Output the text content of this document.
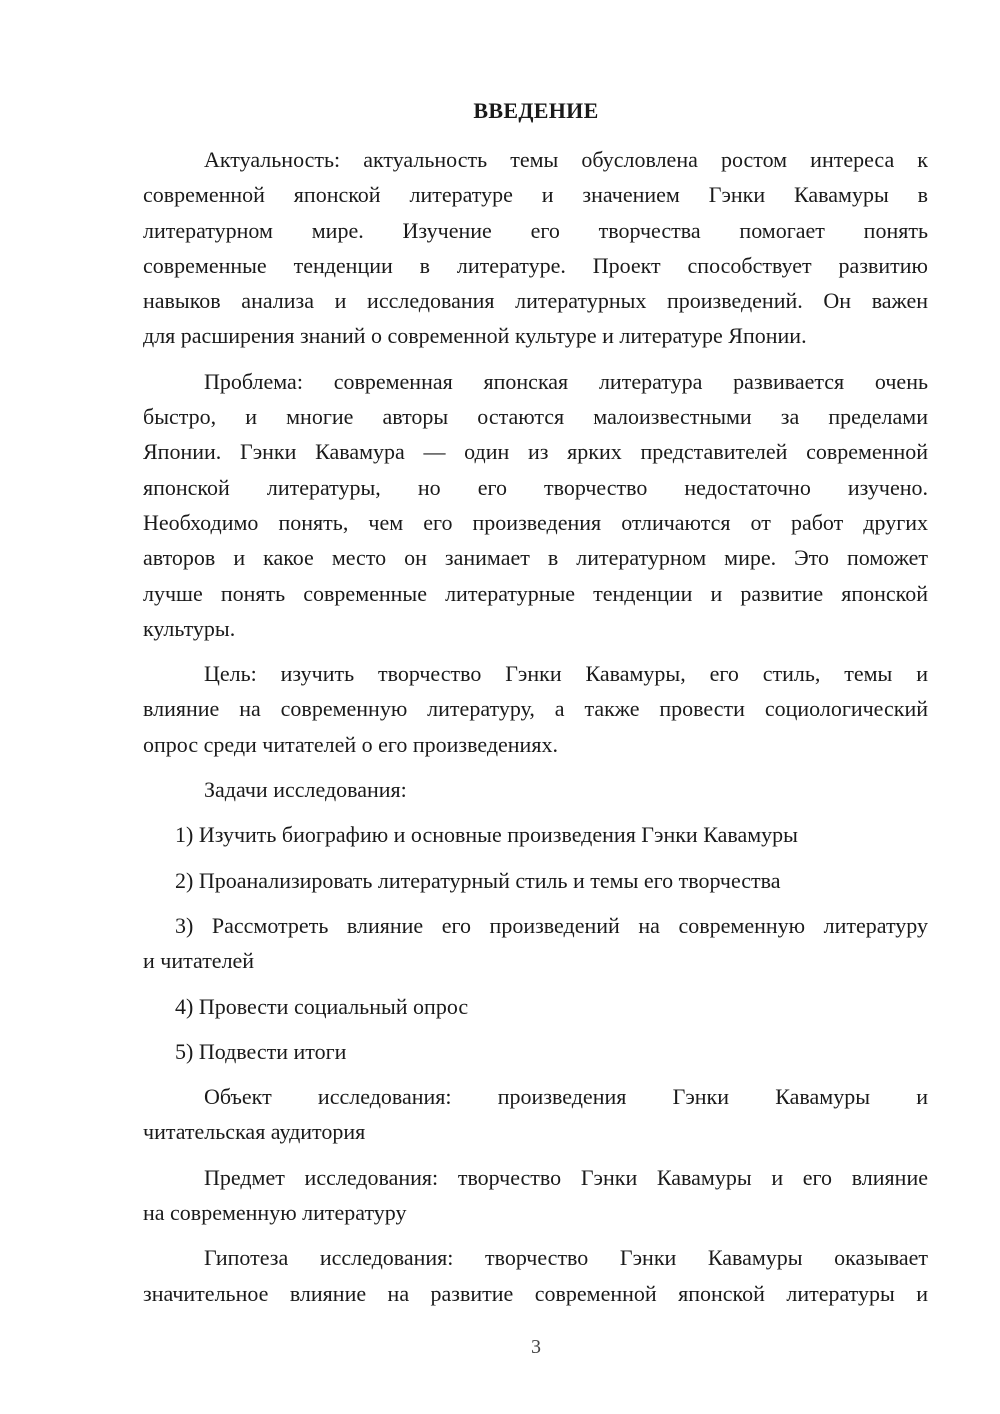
ВВЕДЕНИЕ
Актуальность: актуальность темы обусловлена ростом интереса к
современной японской литературе и значением Гэнки Кавамуры в
литературном мире. Изучение его творчества помогает понять
современные тенденции в литературе. Проект способствует развитию
навыков анализа и исследования литературных произведений. Он важен
для расширения знаний о современной культуре и литературе Японии.
Проблема: современная японская литература развивается очень
быстро, и многие авторы остаются малоизвестными за пределами
Японии. Гэнки Кавамура — один из ярких представителей современной
японской литературы, но его творчество недостаточно изучено.
Необходимо понять, чем его произведения отличаются от работ других
авторов и какое место он занимает в литературном мире. Это поможет
лучше понять современные литературные тенденции и развитие японской
культуры.
Цель: изучить творчество Гэнки Кавамуры, его стиль, темы и
влияние на современную литературу, а также провести социологический
опрос среди читателей о его произведениях.
Задачи исследования:
1) Изучить биографию и основные произведения Гэнки Кавамуры
2) Проанализировать литературный стиль и темы его творчества
3) Рассмотреть влияние его произведений на современную литературу
и читателей
4) Провести социальный опрос
5) Подвести итоги
Объект исследования: произведения Гэнки Кавамуры и
читательская аудитория
Предмет исследования: творчество Гэнки Кавамуры и его влияние
на современную литературу
Гипотеза исследования: творчество Гэнки Кавамуры оказывает
значительное влияние на развитие современной японской литературы и
3
